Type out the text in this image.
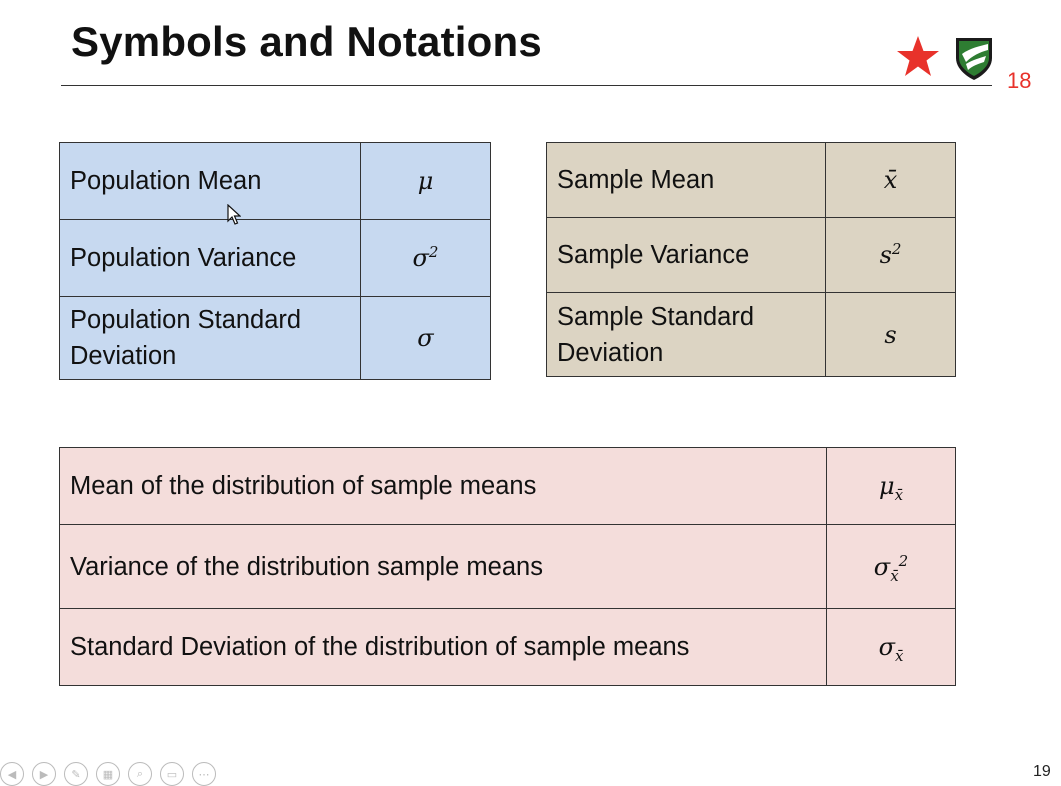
Symbols and Notations
18
Population Mean	μ
Population Variance	$\sigma^2$
Population Standard Deviation	σ
Sample Mean	x̄
Sample Variance	$s^2$
Sample Standard Deviation	s
Mean of the distribution of sample means	$\mu_{x̄}$
Variance of the distribution sample means	$\sigma_{x̄}^2$
Standard Deviation of the distribution of sample means	$\sigma_{x̄}$
◀	▶	✎	▦	⌕	▭	⋯	19
